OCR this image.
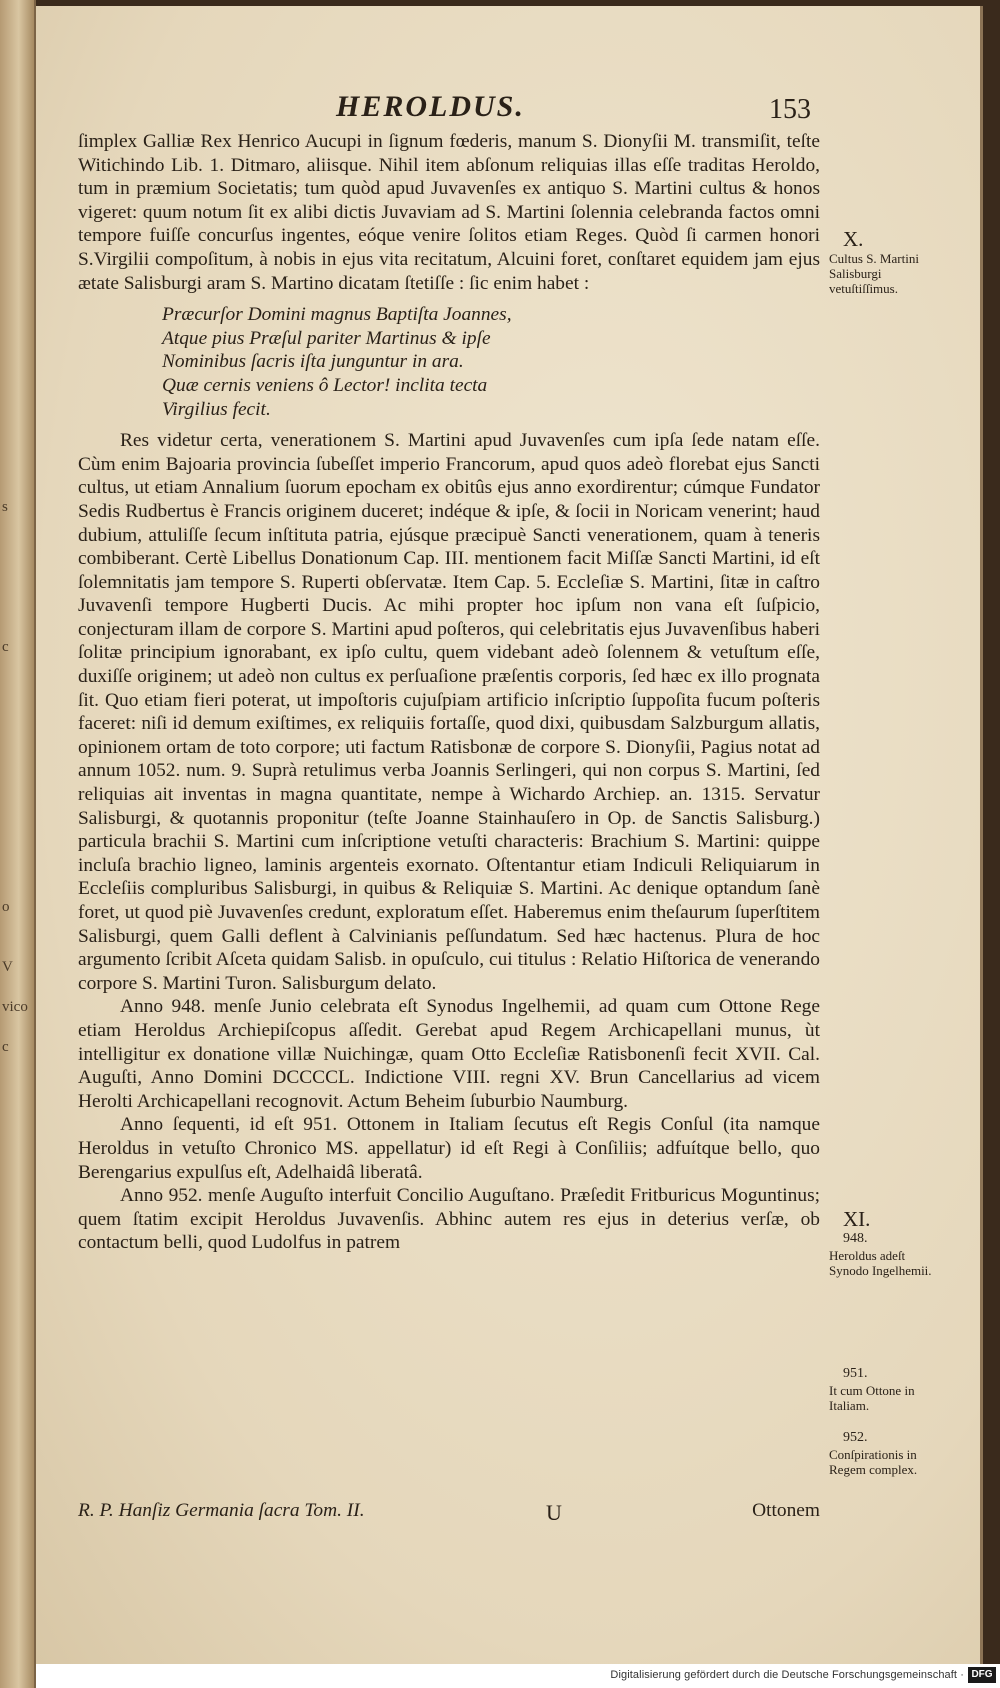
s
c
o
V
vico
c
HEROLDUS.	153

ſimplex Galliæ Rex Henrico Aucupi in ſignum fœderis, manum S. Dionyſii M. transmiſit, teſte Witichindo Lib. 1. Ditmaro, aliisque. Nihil item abſonum reliquias illas eſſe traditas Heroldo, tum in præmium Societatis; tum quòd apud Juvavenſes ex antiquo S. Martini cultus & honos vigeret: quum notum ſit ex alibi dictis Juvaviam ad S. Martini ſolennia celebranda factos omni tempore fuiſſe concurſus ingentes, eóque venire ſolitos etiam Reges. Quòd ſi carmen honori S.Virgilii compoſitum, à nobis in ejus vita recitatum, Alcuini foret, conſtaret equidem jam ejus ætate Salisburgi aram S. Martino dicatam ſtetiſſe : ſic enim habet :

Præcurſor Domini magnus Baptiſta Joannes,
Atque pius Præſul pariter Martinus & ipſe
Nominibus ſacris iſta junguntur in ara.
Quæ cernis veniens ô Lector! inclita tecta
Virgilius fecit.

Res videtur certa, venerationem S. Martini apud Juvavenſes cum ipſa ſede natam eſſe. Cùm enim Bajoaria provincia ſubeſſet imperio Francorum, apud quos adeò florebat ejus Sancti cultus, ut etiam Annalium ſuorum epocham ex obitûs ejus anno exordirentur; cúmque Fundator Sedis Rudbertus è Francis originem duceret; indéque & ipſe, & ſocii in Noricam venerint; haud dubium, attuliſſe ſecum inſtituta patria, ejúsque præcipuè Sancti venerationem, quam à teneris combiberant. Certè Libellus Donationum Cap. III. mentionem facit Miſſæ Sancti Martini, id eſt ſolemnitatis jam tempore S. Ruperti obſervatæ. Item Cap. 5. Eccleſiæ S. Martini, ſitæ in caſtro Juvavenſi tempore Hugberti Ducis. Ac mihi propter hoc ipſum non vana eſt ſuſpicio, conjecturam illam de corpore S. Martini apud poſteros, qui celebritatis ejus Juvavenſibus haberi ſolitæ principium ignorabant, ex ipſo cultu, quem videbant adeò ſolennem & vetuſtum eſſe, duxiſſe originem; ut adeò non cultus ex perſuaſione præſentis corporis, ſed hæc ex illo prognata ſit. Quo etiam fieri poterat, ut impoſtoris cujuſpiam artificio inſcriptio ſuppoſita fucum poſteris faceret: niſi id demum exiſtimes, ex reliquiis fortaſſe, quod dixi, quibusdam Salzburgum allatis, opinionem ortam de toto corpore; uti factum Ratisbonæ de corpore S. Dionyſii, Pagius notat ad annum 1052. num. 9. Suprà retulimus verba Joannis Serlingeri, qui non corpus S. Martini, ſed reliquias ait inventas in magna quantitate, nempe à Wichardo Archiep. an. 1315. Servatur Salisburgi, & quotannis proponitur (teſte Joanne Stainhauſero in Op. de Sanctis Salisburg.) particula brachii S. Martini cum inſcriptione vetuſti characteris: Brachium S. Martini: quippe incluſa brachio ligneo, laminis argenteis exornato. Oſtentantur etiam Indiculi Reliquiarum in Eccleſiis compluribus Salisburgi, in quibus & Reliquiæ S. Martini. Ac denique optandum ſanè foret, ut quod piè Juvavenſes credunt, exploratum eſſet. Haberemus enim theſaurum ſuperſtitem Salisburgi, quem Galli deflent à Calvinianis peſſundatum. Sed hæc hactenus. Plura de hoc argumento ſcribit Aſceta quidam Salisb. in opuſculo, cui titulus : Relatio Hiſtorica de venerando corpore S. Martini Turon. Salisburgum delato.

Anno 948. menſe Junio celebrata eſt Synodus Ingelhemii, ad quam cum Ottone Rege etiam Heroldus Archiepiſcopus aſſedit. Gerebat apud Regem Archicapellani munus, ùt intelligitur ex donatione villæ Nuichingæ, quam Otto Eccleſiæ Ratisbonenſi fecit XVII. Cal. Auguſti, Anno Domini DCCCCL. Indictione VIII. regni XV. Brun Cancellarius ad vicem Herolti Archicapellani recognovit. Actum Beheim ſuburbio Naumburg.

Anno ſequenti, id eſt 951. Ottonem in Italiam ſecutus eſt Regis Conſul (ita namque Heroldus in vetuſto Chronico MS. appellatur) id eſt Regi à Conſiliis; adfuítque bello, quo Berengarius expulſus eſt, Adelhaidâ liberatâ.

Anno 952. menſe Auguſto interfuit Concilio Auguſtano. Præſedit Fritburicus Moguntinus; quem ſtatim excipit Heroldus Juvavenſis. Abhinc autem res ejus in deterius verſæ, ob contactum belli, quod Ludolfus in patrem

R. P. Hanſiz Germania ſacra Tom. II.	U	Ottonem
X.
Cultus S. Martini Salisburgi vetuſtiſſimus.
XI.
948.
Heroldus adeſt Synodo Ingelhemii.
951.
It cum Ottone in Italiam.
952.
Conſpirationis in Regem complex.
Digitalisierung gefördert durch die Deutsche Forschungsgemeinschaft · DFG
